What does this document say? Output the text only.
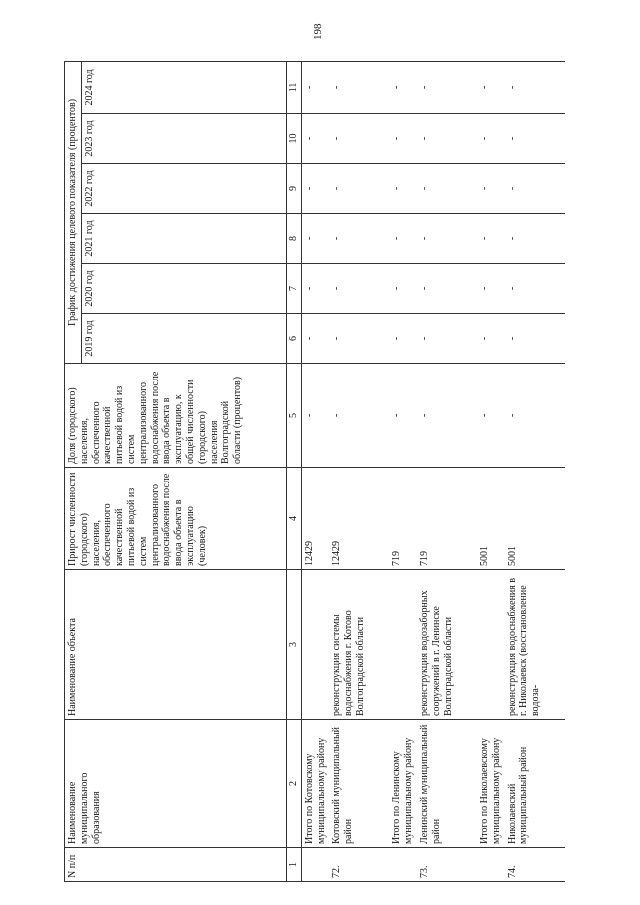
198
N п/п	Наименование муниципального образования	Наименование объекта	Прирост численности (городского) населения, обеспеченного качественной питьевой водой из систем централизованного водоснабжения после ввода объекта в эксплуатацию (человек)	Доля (городского) населения, обеспеченного качественной питьевой водой из систем централизованного водоснабжения после ввода объекта в эксплуатацию, к общей численности (городского) населения Волгоградской области (процентов)	График достижения целевого показателя (процентов)					
					2019 год	2020 год	2021 год	2022 год	2023 год	2024 год
1	2	3	4	5	6	7	8	9	10	11
	Итого по Котовскому муниципальному району		12429	-	-	-	-	-	-	-
72.	Котовский муниципальный район	реконструкция системы водоснабжения г. Котово Волгоградской области	12429	-	-	-	-	-	-	-
	Итого по Ленинскому муниципальному району		719	-	-	-	-	-	-	-
73.	Ленинский муниципальный район	реконструкция водозаборных сооружений в г. Ленинске Волгоградской области	719	-	-	-	-	-	-	-
	Итого по Николаевскому муниципальному району		5001	-	-	-	-	-	-	-
74.	Николаевский муниципальный район	реконструкция водоснабжения в г. Николаевск (восстановление водоза-	5001	-	-	-	-	-	-	-
